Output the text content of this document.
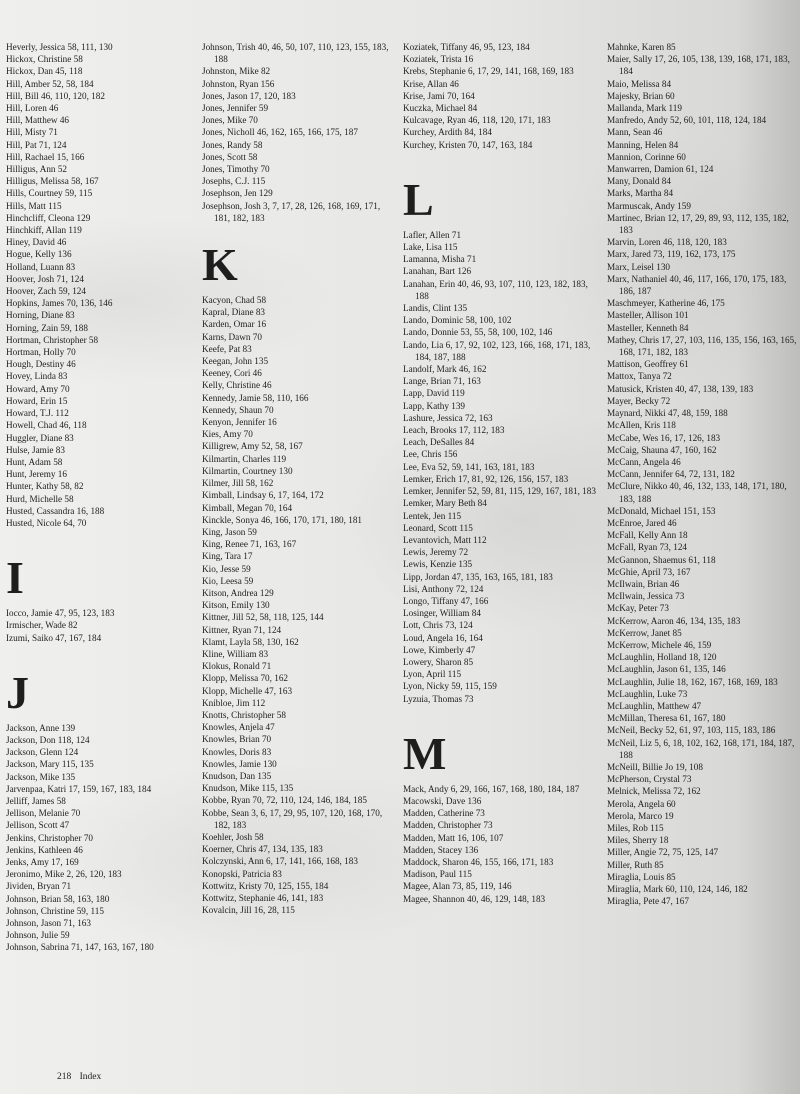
Heverly, Jessica 58, 111, 130
Hickox, Christine 58
Hickox, Dan 45, 118
Hill, Amber 52, 58, 184
Hill, Bill 46, 110, 120, 182
Hill, Loren 46
Hill, Matthew 46
Hill, Misty 71
Hill, Pat 71, 124
Hill, Rachael 15, 166
Hilligus, Ann 52
Hilligus, Melissa 58, 167
Hills, Courtney 59, 115
Hills, Matt 115
Hinchcliff, Cleona 129
Hinchkiff, Allan 119
Hiney, David 46
Hogue, Kelly 136
Holland, Luann 83
Hoover, Josh 71, 124
Hoover, Zach 59, 124
Hopkins, James 70, 136, 146
Horning, Diane 83
Horning, Zain 59, 188
Hortman, Christopher 58
Hortman, Holly 70
Hough, Destiny 46
Hovey, Linda 83
Howard, Amy 70
Howard, Erin 15
Howard, T.J. 112
Howell, Chad 46, 118
Huggler, Diane 83
Hulse, Jamie 83
Hunt, Adam 58
Hunt, Jeremy 16
Hunter, Kathy 58, 82
Hurd, Michelle 58
Husted, Cassandra 16, 188
Husted, Nicole 64, 70
I
Iocco, Jamie 47, 95, 123, 183
Irmischer, Wade 82
Izumi, Saiko 47, 167, 184
J
Jackson, Anne 139
Jackson, Don 118, 124
Jackson, Glenn 124
Jackson, Mary 115, 135
Jackson, Mike 135
Jarvenpaa, Katri 17, 159, 167, 183, 184
Jelliff, James 58
Jellison, Melanie 70
Jellison, Scott 47
Jenkins, Christopher 70
Jenkins, Kathleen 46
Jenks, Amy 17, 169
Jeronimo, Mike 2, 26, 120, 183
Jividen, Bryan 71
Johnson, Brian 58, 163, 180
Johnson, Christine 59, 115
Johnson, Jason 71, 163
Johnson, Julie 59
Johnson, Sabrina 71, 147, 163, 167, 180
Johnson, Trish 40, 46, 50, 107, 110, 123, 155, 183, 188
Johnston, Mike 82
Johnston, Ryan 156
Jones, Jason 17, 120, 183
Jones, Jennifer 59
Jones, Mike 70
Jones, Nicholl 46, 162, 165, 166, 175, 187
Jones, Randy 58
Jones, Scott 58
Jones, Timothy 70
Josephs, C.J. 115
Josephson, Jen 129
Josephson, Josh 3, 7, 17, 28, 126, 168, 169, 171, 181, 182, 183
K
Kacyon, Chad 58
Kapral, Diane 83
Karden, Omar 16
Karns, Dawn 70
Keefe, Pat 83
Keegan, John 135
Keeney, Cori 46
Kelly, Christine 46
Kennedy, Jamie 58, 110, 166
Kennedy, Shaun 70
Kenyon, Jennifer 16
Kies, Amy 70
Killigrew, Amy 52, 58, 167
Kilmartin, Charles 119
Kilmartin, Courtney 130
Kilmer, Jill 58, 162
Kimball, Lindsay 6, 17, 164, 172
Kimball, Megan 70, 164
Kinckle, Sonya 46, 166, 170, 171, 180, 181
King, Jason 59
King, Renee 71, 163, 167
King, Tara 17
Kio, Jesse 59
Kio, Leesa 59
Kitson, Andrea 129
Kitson, Emily 130
Kittner, Jill 52, 58, 118, 125, 144
Kittner, Ryan 71, 124
Klamt, Layla 58, 130, 162
Kline, William 83
Klokus, Ronald 71
Klopp, Melissa 70, 162
Klopp, Michelle 47, 163
Knibloe, Jim 112
Knotts, Christopher 58
Knowles, Anjela 47
Knowles, Brian 70
Knowles, Doris 83
Knowles, Jamie 130
Knudson, Dan 135
Knudson, Mike 115, 135
Kobbe, Ryan 70, 72, 110, 124, 146, 184, 185
Kobbe, Sean 3, 6, 17, 29, 95, 107, 120, 168, 170, 182, 183
Koehler, Josh 58
Koerner, Chris 47, 134, 135, 183
Kolczynski, Ann 6, 17, 141, 166, 168, 183
Konopski, Patricia 83
Kottwitz, Kristy 70, 125, 155, 184
Kottwitz, Stephanie 46, 141, 183
Kovalcin, Jill 16, 28, 115
Koziatek, Tiffany 46, 95, 123, 184
Koziatek, Trista 16
Krebs, Stephanie 6, 17, 29, 141, 168, 169, 183
Krise, Allan 46
Krise, Jami 70, 164
Kuczka, Michael 84
Kulcavage, Ryan 46, 118, 120, 171, 183
Kurchey, Ardith 84, 184
Kurchey, Kristen 70, 147, 163, 184
L
Lafler, Allen 71
Lake, Lisa 115
Lamanna, Misha 71
Lanahan, Bart 126
Lanahan, Erin 40, 46, 93, 107, 110, 123, 182, 183, 188
Landis, Clint 135
Lando, Dominic 58, 100, 102
Lando, Donnie 53, 55, 58, 100, 102, 146
Lando, Lia 6, 17, 92, 102, 123, 166, 168, 171, 183, 184, 187, 188
Landolf, Mark 46, 162
Lange, Brian 71, 163
Lapp, David 119
Lapp, Kathy 139
Lashure, Jessica 72, 163
Leach, Brooks 17, 112, 183
Leach, DeSalles 84
Lee, Chris 156
Lee, Eva 52, 59, 141, 163, 181, 183
Lemker, Erich 17, 81, 92, 126, 156, 157, 183
Lemker, Jennifer 52, 59, 81, 115, 129, 167, 181, 183
Lemker, Mary Beth 84
Lentek, Jen 115
Leonard, Scott 115
Levantovich, Matt 112
Lewis, Jeremy 72
Lewis, Kenzie 135
Lipp, Jordan 47, 135, 163, 165, 181, 183
Lisi, Anthony 72, 124
Longo, Tiffany 47, 166
Losinger, William 84
Lott, Chris 73, 124
Loud, Angela 16, 164
Lowe, Kimberly 47
Lowery, Sharon 85
Lyon, April 115
Lyon, Nicky 59, 115, 159
Lyzuia, Thomas 73
M
Mack, Andy 6, 29, 166, 167, 168, 180, 184, 187
Macowski, Dave 136
Madden, Catherine 73
Madden, Christopher 73
Madden, Matt 16, 106, 107
Madden, Stacey 136
Maddock, Sharon 46, 155, 166, 171, 183
Madison, Paul 115
Magee, Alan 73, 85, 119, 146
Magee, Shannon 40, 46, 129, 148, 183
Mahnke, Karen 85
Maier, Sally 17, 26, 105, 138, 139, 168, 171, 183, 184
Maio, Melissa 84
Majesky, Brian 60
Mallanda, Mark 119
Manfredo, Andy 52, 60, 101, 118, 124, 184
Mann, Sean 46
Manning, Helen 84
Mannion, Corinne 60
Manwarren, Damion 61, 124
Many, Donald 84
Marks, Martha 84
Marmuscak, Andy 159
Martinec, Brian 12, 17, 29, 89, 93, 112, 135, 182, 183
Marvin, Loren 46, 118, 120, 183
Marx, Jared 73, 119, 162, 173, 175
Marx, Leisel 130
Marx, Nathaniel 40, 46, 117, 166, 170, 175, 183, 186, 187
Maschmeyer, Katherine 46, 175
Masteller, Allison 101
Masteller, Kenneth 84
Mathey, Chris 17, 27, 103, 116, 135, 156, 163, 165, 168, 171, 182, 183
Mattison, Geoffrey 61
Mattox, Tanya 72
Matusick, Kristen 40, 47, 138, 139, 183
Mayer, Becky 72
Maynard, Nikki 47, 48, 159, 188
McAllen, Kris 118
McCabe, Wes 16, 17, 126, 183
McCaig, Shauna 47, 160, 162
McCann, Angela 46
McCann, Jennifer 64, 72, 131, 182
McClure, Nikko 40, 46, 132, 133, 148, 171, 180, 183, 188
McDonald, Michael 151, 153
McEnroe, Jared 46
McFall, Kelly Ann 18
McFall, Ryan 73, 124
McGannon, Shaemus 61, 118
McGhie, April 73, 167
McIlwain, Brian 46
McIlwain, Jessica 73
McKay, Peter 73
McKerrow, Aaron 46, 134, 135, 183
McKerrow, Janet 85
McKerrow, Michele 46, 159
McLaughlin, Holland 18, 120
McLaughlin, Jason 61, 135, 146
McLaughlin, Julie 18, 162, 167, 168, 169, 183
McLaughlin, Luke 73
McLaughlin, Matthew 47
McMillan, Theresa 61, 167, 180
McNeil, Becky 52, 61, 97, 103, 115, 183, 186
McNeil, Liz 5, 6, 18, 102, 162, 168, 171, 184, 187, 188
McNeill, Billie Jo 19, 108
McPherson, Crystal 73
Melnick, Melissa 72, 162
Merola, Angela 60
Merola, Marco 19
Miles, Rob 115
Miles, Sherry 18
Miller, Angie 72, 75, 125, 147
Miller, Ruth 85
Miraglia, Louis 85
Miraglia, Mark 60, 110, 124, 146, 182
Miraglia, Pete 47, 167
218 Index
